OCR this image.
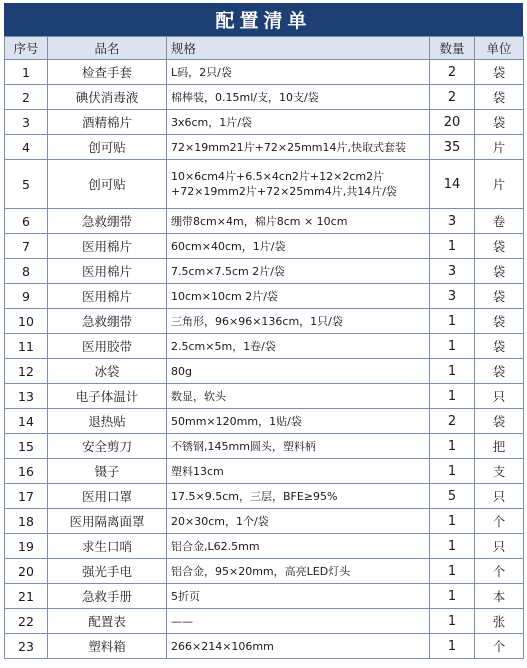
配置清单
序号	品名	规格	数量	单位
1	检查手套	L码，2只/袋	2	袋
2	碘伏消毒液	棉棒装，0.15ml/支，10支/袋	2	袋
3	酒精棉片	3x6cm，1片/袋	20	袋
4	创可贴	72×19mm21片+72×25mm14片,快取式套装	35	片
5	创可贴	10×6cm4片+6.5×4cn2片+12×2cm2片+72×19mm2片+72×25mm4片,共14片/袋	14	片
6	急救绷带	绷带8cm×4m，棉片8cm × 10cm	3	卷
7	医用棉片	60cm×40cm，1片/袋	1	袋
8	医用棉片	7.5cm×7.5cm 2片/袋	3	袋
9	医用棉片	10cm×10cm 2片/袋	3	袋
10	急救绷带	三角形，96×96×136cm，1只/袋	1	袋
11	医用胶带	2.5cm×5m，1卷/袋	1	袋
12	冰袋	80g	1	袋
13	电子体温计	数显，软头	1	只
14	退热贴	50mm×120mm，1贴/袋	2	袋
15	安全剪刀	不锈钢,145mm圆头，塑料柄	1	把
16	镊子	塑料13cm	1	支
17	医用口罩	17.5×9.5cm，三层，BFE≥95%	5	只
18	医用隔离面罩	20×30cm，1个/袋	1	个
19	求生口哨	铝合金,L62.5mm	1	只
20	强光手电	铝合金，95×20mm，高亮LED灯头	1	个
21	急救手册	5折页	1	本
22	配置表	——	1	张
23	塑料箱	266×214×106mm	1	个
